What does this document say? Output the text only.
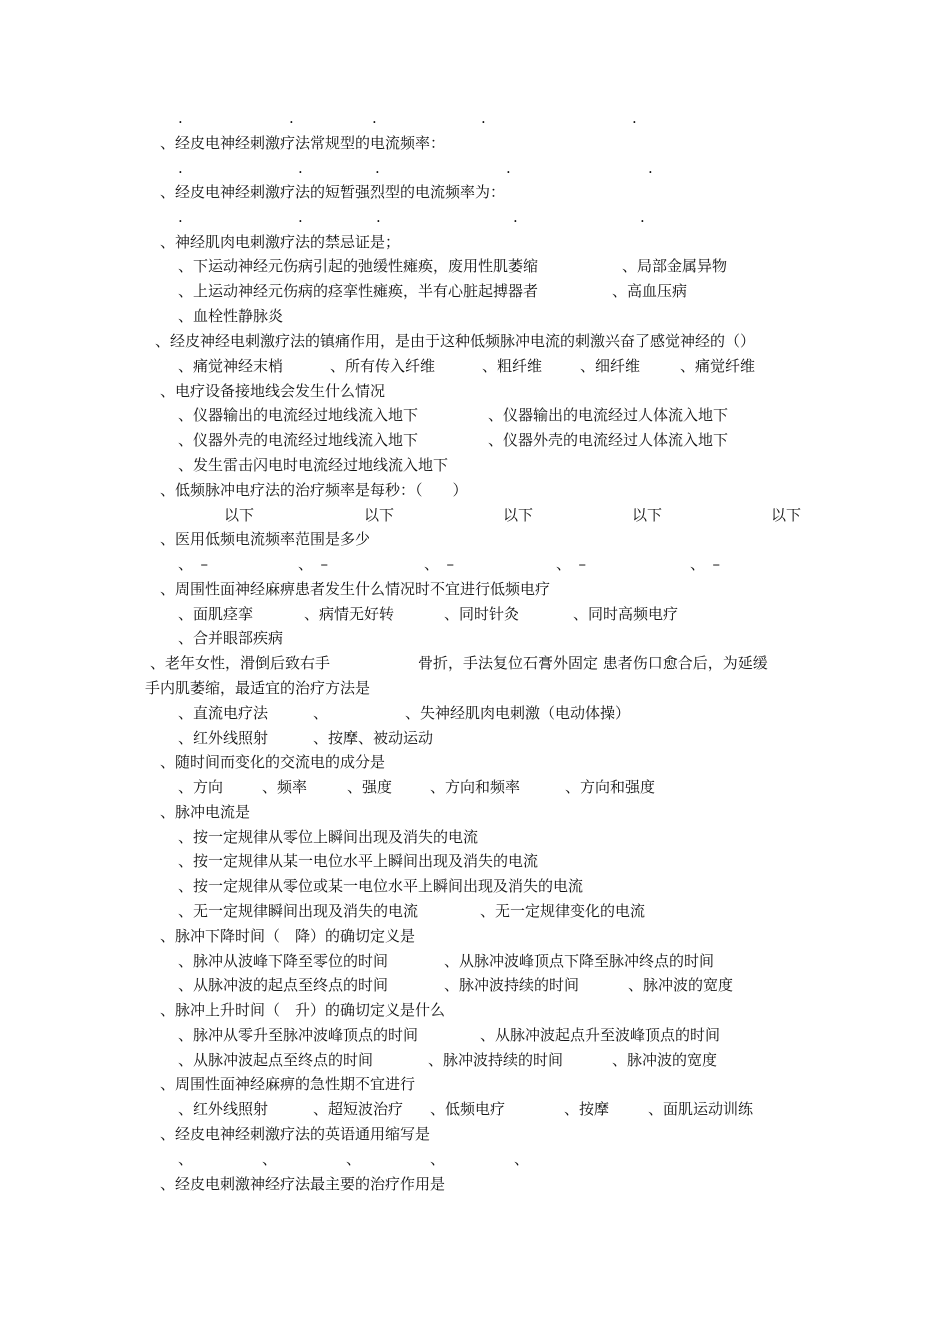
.	.	.	.	.
、经皮电神经刺激疗法常规型的电流频率：
.	.	.	.	.
、经皮电神经刺激疗法的短暂强烈型的电流频率为：
.	.	.	.	.
、神经肌肉电刺激疗法的禁忌证是；
、下运动神经元伤病引起的弛缓性瘫痪，废用性肌萎缩	、局部金属异物
、上运动神经元伤病的痉挛性瘫痪，半有心脏起搏器者	、高血压病
、血栓性静脉炎
、经皮神经电刺激疗法的镇痛作用，是由于这种低频脉冲电流的刺激兴奋了感觉神经的（）
、痛觉神经末梢	、所有传入纤维	、粗纤维	、细纤维	、痛觉纤维
、电疗设备接地线会发生什么情况
、仪器输出的电流经过地线流入地下	、仪器输出的电流经过人体流入地下
、仪器外壳的电流经过地线流入地下	、仪器外壳的电流经过人体流入地下
、发生雷击闪电时电流经过地线流入地下
、低频脉冲电疗法的治疗频率是每秒：（　　）
以下	以下	以下	以下	以下
、医用低频电流频率范围是多少
、　–	、　–	、　–	、　–	、　–
、周围性面神经麻痹患者发生什么情况时不宜进行低频电疗
、面肌痉挛	、病情无好转	、同时针灸	、同时高频电疗
、合并眼部疾病
、老年女性，滑倒后致右手	骨折，手法复位石膏外固定 患者伤口愈合后，为延缓
手内肌萎缩，最适宜的治疗方法是
、直流电疗法	、	、失神经肌肉电刺激（电动体操）
、红外线照射	、按摩、被动运动
、随时间而变化的交流电的成分是
、方向	、频率	、强度	、方向和频率	、方向和强度
、脉冲电流是
、按一定规律从零位上瞬间出现及消失的电流
、按一定规律从某一电位水平上瞬间出现及消失的电流
、按一定规律从零位或某一电位水平上瞬间出现及消失的电流
、无一定规律瞬间出现及消失的电流	、无一定规律变化的电流
、脉冲下降时间（　降）的确切定义是
、脉冲从波峰下降至零位的时间	、从脉冲波峰顶点下降至脉冲终点的时间
、从脉冲波的起点至终点的时间	、脉冲波持续的时间	、脉冲波的宽度
、脉冲上升时间（　升）的确切定义是什么
、脉冲从零升至脉冲波峰顶点的时间	、从脉冲波起点升至波峰顶点的时间
、从脉冲波起点至终点的时间	、脉冲波持续的时间	、脉冲波的宽度
、周围性面神经麻痹的急性期不宜进行
、红外线照射	、超短波治疗 、低频电疗	、按摩	、面肌运动训练
、经皮电神经刺激疗法的英语通用缩写是
、	、	、	、	、
、经皮电刺激神经疗法最主要的治疗作用是
